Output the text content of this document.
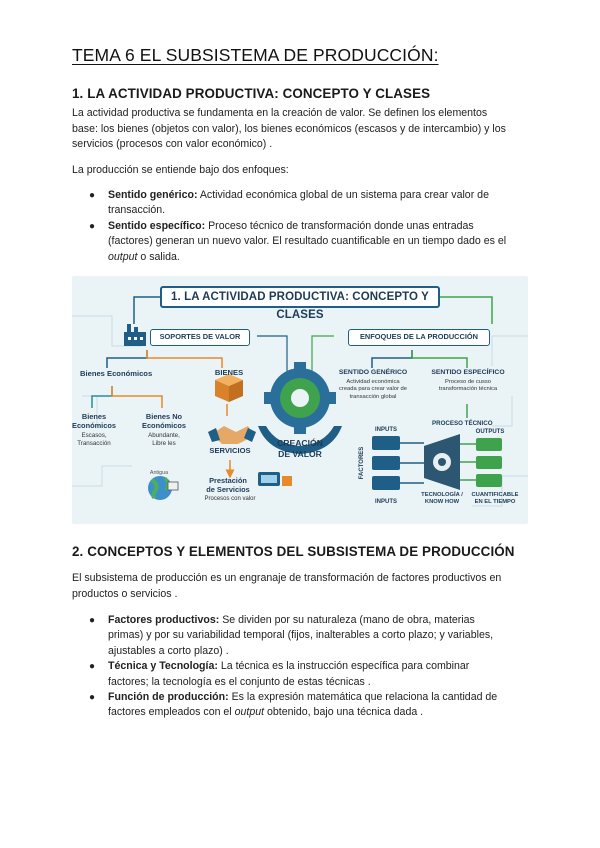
TEMA 6 EL SUBSISTEMA DE PRODUCCIÓN:
1. LA ACTIVIDAD PRODUCTIVA: CONCEPTO Y CLASES
La actividad productiva se fundamenta en la creación de valor. Se definen los elementos
base: los bienes (objetos con valor), los bienes económicos (escasos y de intercambio) y los
servicios (procesos con valor económico) .
La producción se entiende bajo dos enfoques:
● Sentido genérico: Actividad económica global de un sistema para crear valor de
transacción.
● Sentido específico: Proceso técnico de transformación donde unas entradas
(factores) generan un nuevo valor. El resultado cuantificable en un tiempo dado es el
output o salida.
1. LA ACTIVIDAD PRODUCTIVA: CONCEPTO Y CLASES
SOPORTES DE VALOR	ENFOQUES DE LA PRODUCCIÓN
Bienes Económicos	BIENES
Bienes
Económicos
Escasos,
Transacción
Bienes No
Económicos
Abundante,
Libre les
SERVICIOS
Antigua
Prestación
de Servicios
Procesos con valor
CREACIÓN
DE VALOR
SENTIDO GENÉRICO
Actividad económica
creada para crear valor de
transacción global
SENTIDO ESPECÍFICO
Proceso de cusso
transformación técnica
PROCESO TÉCNICO
INPUTS
INPUTS
FACTORES
OUTPUTS
TECNOLOGÍA /
KNOW HOW
CUANTIFICABLE
EN EL TIEMPO
2. CONCEPTOS Y ELEMENTOS DEL SUBSISTEMA DE PRODUCCIÓN
El subsistema de producción es un engranaje de transformación de factores productivos en
productos o servicios .
● Factores productivos: Se dividen por su naturaleza (mano de obra, materias
primas) y por su variabilidad temporal (fijos, inalterables a corto plazo; y variables,
ajustables a corto plazo) .
● Técnica y Tecnología: La técnica es la instrucción específica para combinar
factores; la tecnología es el conjunto de estas técnicas .
● Función de producción: Es la expresión matemática que relaciona la cantidad de
factores empleados con el output obtenido, bajo una técnica dada .
